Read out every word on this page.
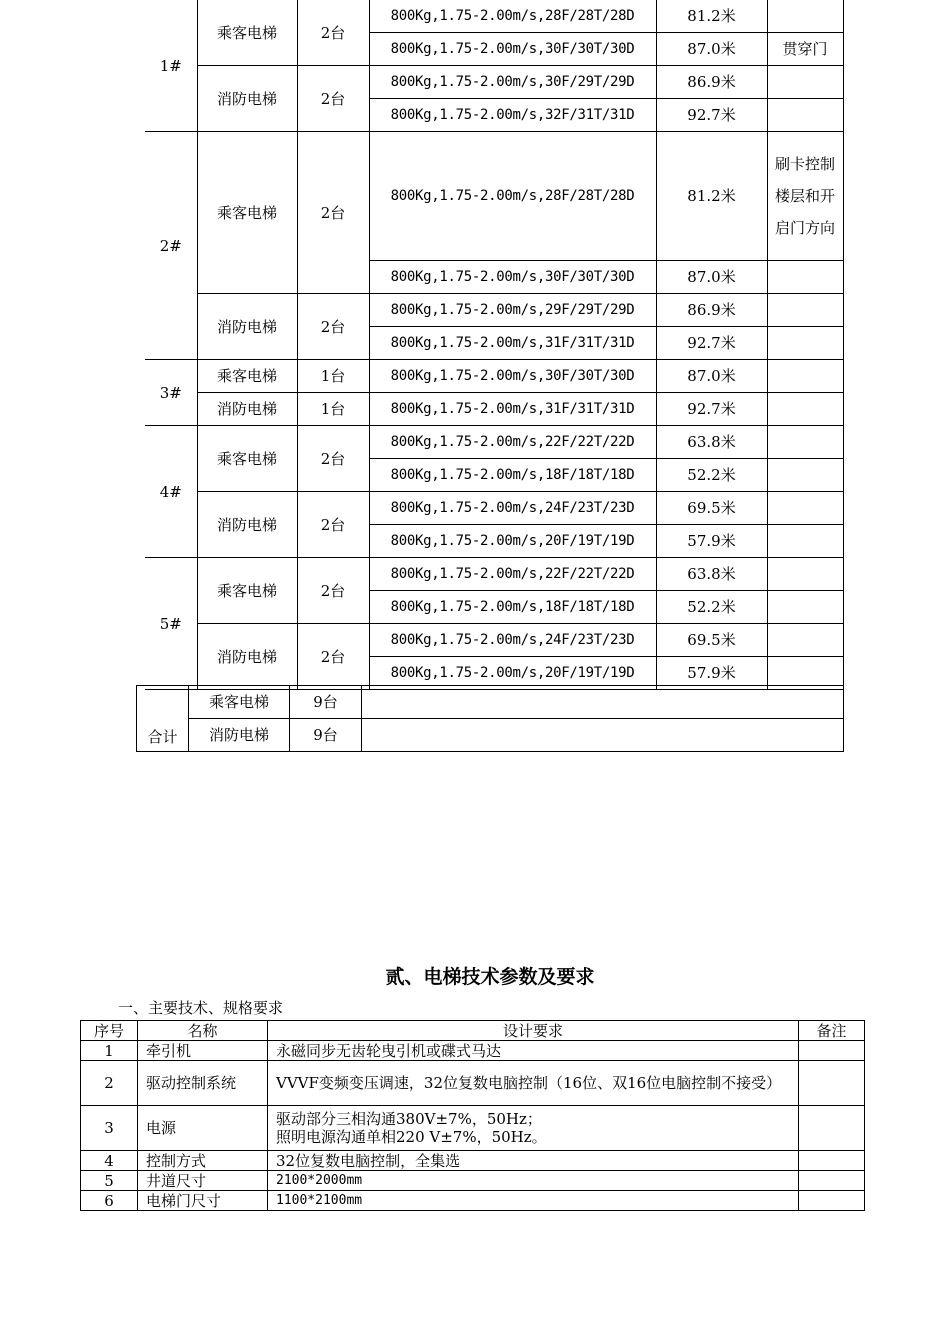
1#	乘客电梯	2台	800Kg,1.75-2.00m/s,28F/28T/28D	81.2米	
			800Kg,1.75-2.00m/s,30F/30T/30D	87.0米	贯穿门
	消防电梯	2台	800Kg,1.75-2.00m/s,30F/29T/29D	86.9米	
			800Kg,1.75-2.00m/s,32F/31T/31D	92.7米	
2#	乘客电梯	2台	800Kg,1.75-2.00m/s,28F/28T/28D	81.2米	刷卡控制楼层和开启门方向
			800Kg,1.75-2.00m/s,30F/30T/30D	87.0米	
	消防电梯	2台	800Kg,1.75-2.00m/s,29F/29T/29D	86.9米	
			800Kg,1.75-2.00m/s,31F/31T/31D	92.7米	
3#	乘客电梯	1台	800Kg,1.75-2.00m/s,30F/30T/30D	87.0米	
	消防电梯	1台	800Kg,1.75-2.00m/s,31F/31T/31D	92.7米	
4#	乘客电梯	2台	800Kg,1.75-2.00m/s,22F/22T/22D	63.8米	
			800Kg,1.75-2.00m/s,18F/18T/18D	52.2米	
	消防电梯	2台	800Kg,1.75-2.00m/s,24F/23T/23D	69.5米	
			800Kg,1.75-2.00m/s,20F/19T/19D	57.9米	
5#	乘客电梯	2台	800Kg,1.75-2.00m/s,22F/22T/22D	63.8米	
			800Kg,1.75-2.00m/s,18F/18T/18D	52.2米	
	消防电梯	2台	800Kg,1.75-2.00m/s,24F/23T/23D	69.5米	
			800Kg,1.75-2.00m/s,20F/19T/19D	57.9米	
合计	乘客电梯	9台	
	消防电梯	9台	
贰、电梯技术参数及要求
一、主要技术、规格要求
序号	名称	设计要求	备注
1	牵引机	永磁同步无齿轮曳引机或碟式马达	
2	驱动控制系统	VVVF变频变压调速，32位复数电脑控制（16位、双16位电脑控制不接受）	
3	电源	驱动部分三相沟通380V±7%，50Hz；
照明电源沟通单相220 V±7%，50Hz。	

4	控制方式	32位复数电脑控制，全集选	
5	井道尺寸	2100*2000mm	
6	电梯门尺寸	1100*2100mm	
